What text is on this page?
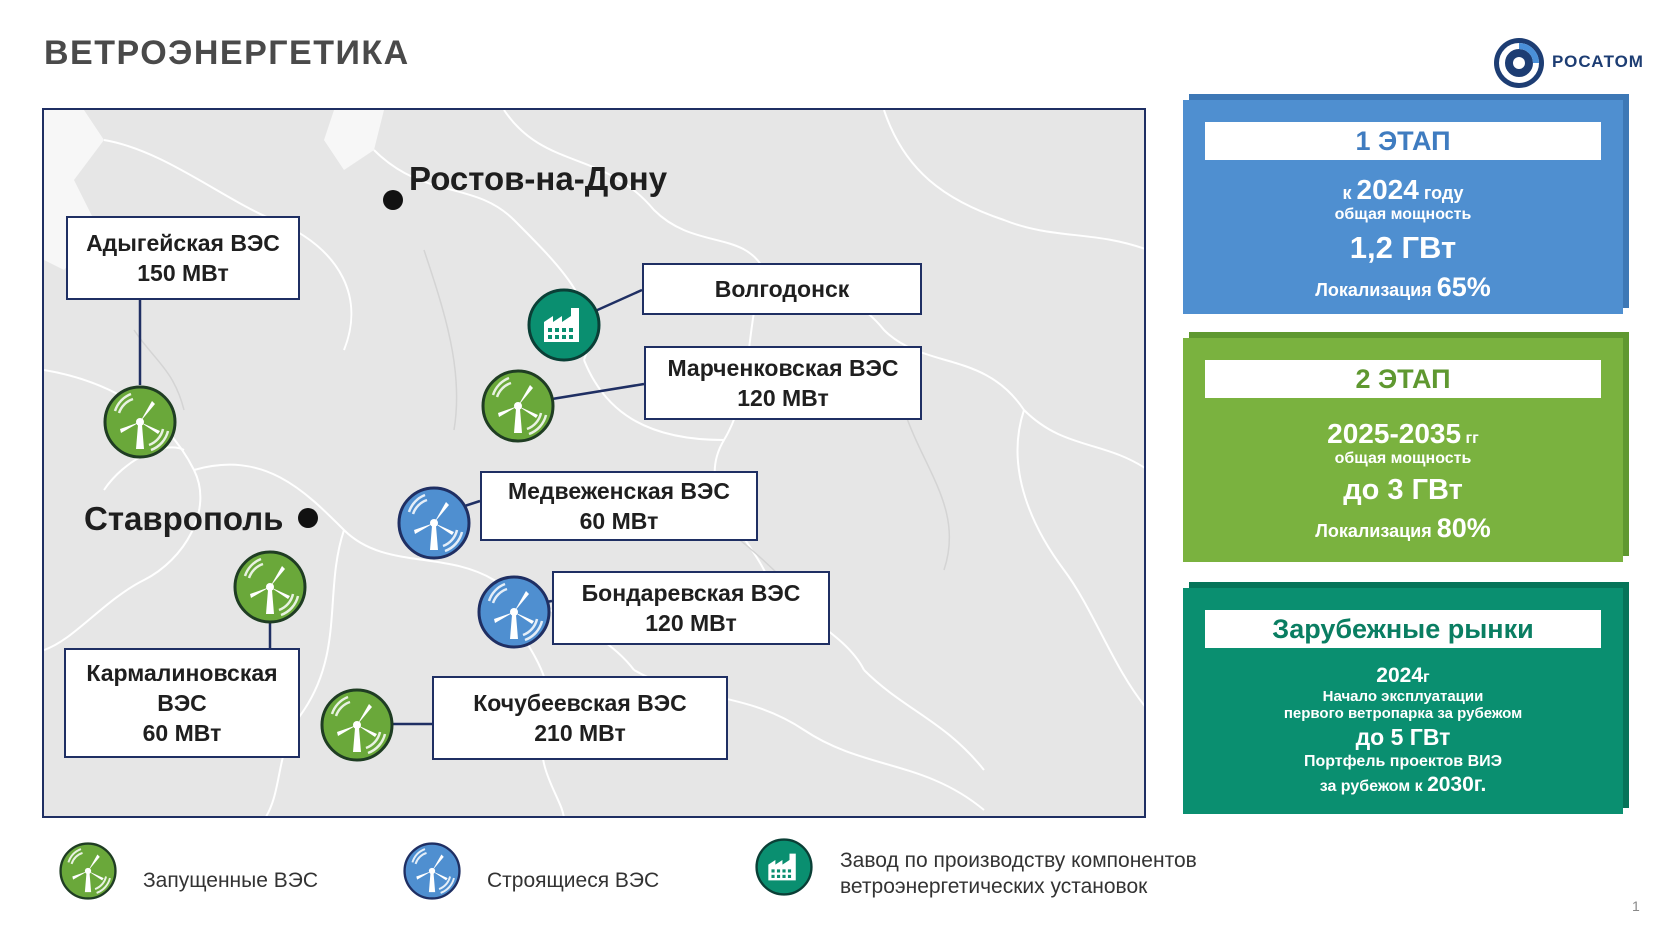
ВЕТРОЭНЕРГЕТИКА	РОСАТОМ
Ростов-на-Дону
Ставрополь
Адыгейская ВЭС
150 МВт
Волгодонск
Марченковская ВЭС
120 МВт
Медвеженская ВЭС
60 МВт
Бондаревская ВЭС
120 МВт
Кармалиновская
ВЭС
60 МВт
Кочубеевская ВЭС
210 МВт
1 ЭТАП
к 2024 году
общая мощность
1,2 ГВт
Локализация 65%
2 ЭТАП
2025-2035 гг
общая мощность
до 3 ГВт
Локализация 80%
Зарубежные рынки
2024г
Начало эксплуатации
первого ветропарка за рубежом
до 5 ГВт
Портфель проектов ВИЭ
за рубежом к 2030г.
Запущенные ВЭС	Строящиеся ВЭС
Завод по производству компонентов
ветроэнергетических установок
1
